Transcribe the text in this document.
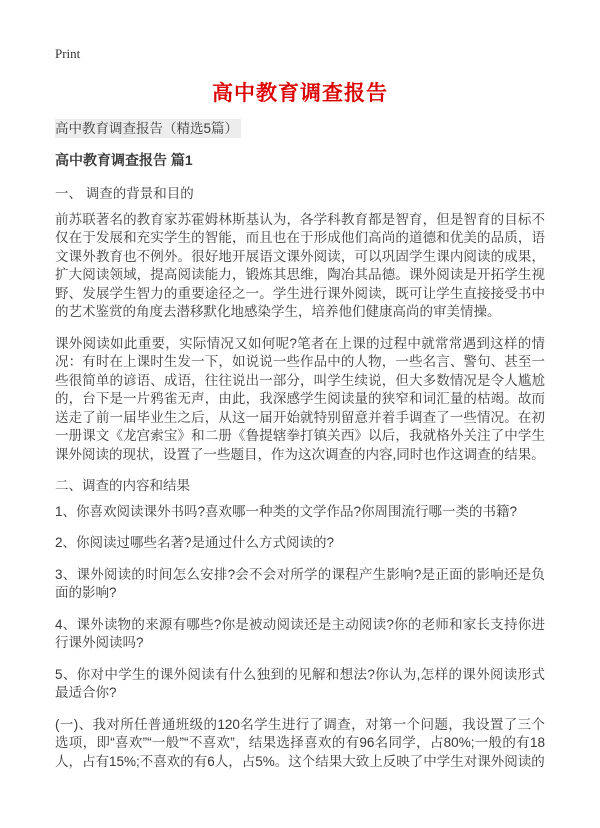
Print
高中教育调查报告

高中教育调查报告（精选5篇）

高中教育调查报告 篇1

一、 调查的背景和目的

前苏联著名的教育家苏霍姆林斯基认为，各学科教育都是智育，但是智育的目标不仅在于发展和充实学生的智能，而且也在于形成他们高尚的道德和优美的品质，语文课外教育也不例外。很好地开展语文课外阅读，可以巩固学生课内阅读的成果，扩大阅读领域，提高阅读能力，锻炼其思维，陶冶其品德。课外阅读是开拓学生视野、发展学生智力的重要途径之一。学生进行课外阅读，既可让学生直接接受书中的艺术鉴赏的角度去潜移默化地感染学生，培养他们健康高尚的审美情操。

课外阅读如此重要，实际情况又如何呢?笔者在上课的过程中就常常遇到这样的情况：有时在上课时生发一下，如说说一些作品中的人物，一些名言、警句、甚至一些很简单的谚语、成语，往往说出一部分，叫学生续说，但大多数情况是令人尴尬的，台下是一片鸦雀无声，由此，我深感学生阅读量的狭窄和词汇量的枯竭。故而送走了前一届毕业生之后，从这一届开始就特别留意并着手调查了一些情况。在初一册课文《龙宫索宝》和二册《鲁提辖拳打镇关西》以后，我就格外关注了中学生课外阅读的现状，设置了一些题目，作为这次调查的内容,同时也作这调查的结果。

二、调查的内容和结果

1、你喜欢阅读课外书吗?喜欢哪一种类的文学作品?你周围流行哪一类的书籍?

2、你阅读过哪些名著?是通过什么方式阅读的?

3、课外阅读的时间怎么安排?会不会对所学的课程产生影响?是正面的影响还是负面的影响?

4、课外读物的来源有哪些?你是被动阅读还是主动阅读?你的老师和家长支持你进行课外阅读吗?

5、你对中学生的课外阅读有什么独到的见解和想法?你认为,怎样的课外阅读形式最适合你?

(一)、我对所任普通班级的120名学生进行了调查，对第一个问题，我设置了三个选项，即“喜欢”“一般”“不喜欢”，结果选择喜欢的有96名同学，占80%;一般的有18人，占有15%;不喜欢的有6人，占5%。这个结果大致上反映了中学生对课外阅读的
